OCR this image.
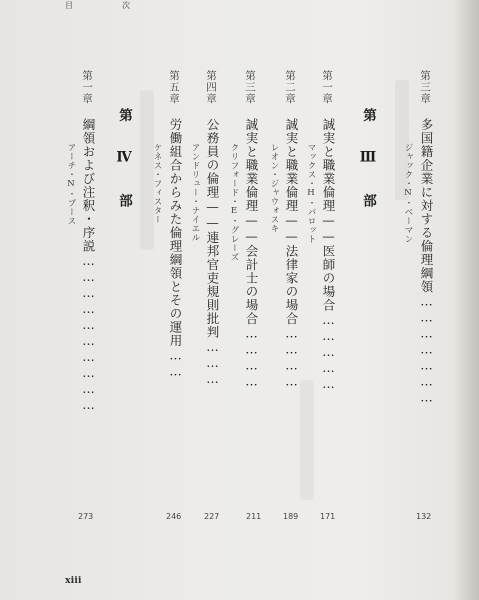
目	次
第三章
多国籍企業に対する倫理綱領…………………
ジャック・N・ベーマン
132
第 Ⅲ 部
第一章
誠実と職業倫理——医師の場合……………
マックス・H・パロット
171
第二章
誠実と職業倫理——法律家の場合…………
レオン・ジャウォスキ
189
第三章
誠実と職業倫理——会計士の場合…………
クリフォード・E・グレーズ
211
第四章
公務員の倫理——連邦官吏規則批判………
アンドリュー・ナイエル
227
第五章
労働組合からみた倫理綱領とその運用……
ケネス・フィスター
246
第 Ⅳ 部
第一章
綱領および注釈・序説…………………………
アーチ・N・ブース
273
xiii
